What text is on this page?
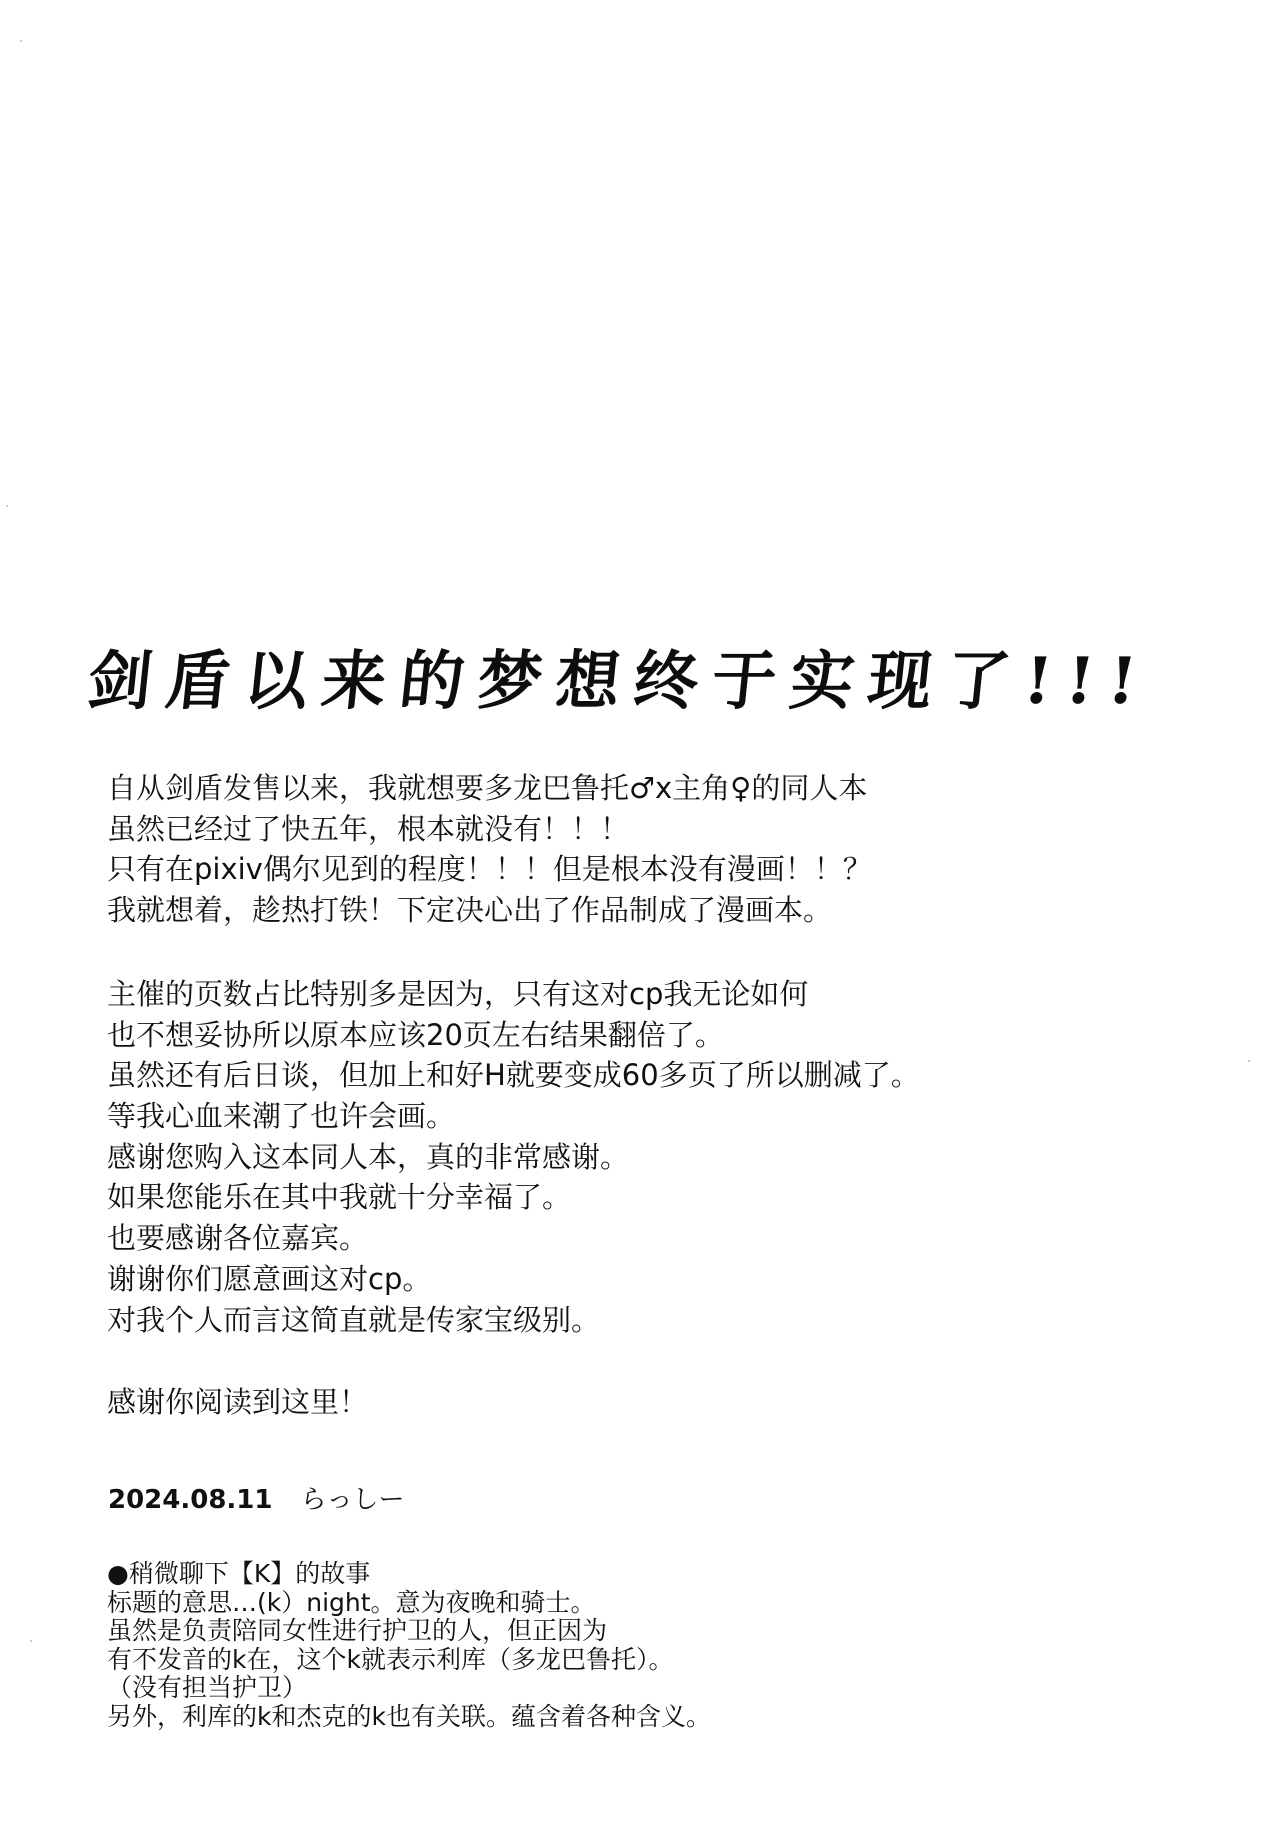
剑盾以来的梦想终于实现了!!!
自从剑盾发售以来，我就想要多龙巴鲁托♂x主角♀的同人本
虽然已经过了快五年，根本就没有！！！
只有在pixiv偶尔见到的程度！！！但是根本没有漫画！！？
我就想着，趁热打铁！下定决心出了作品制成了漫画本。
主催的页数占比特别多是因为，只有这对cp我无论如何
也不想妥协所以原本应该20页左右结果翻倍了。
虽然还有后日谈，但加上和好H就要变成60多页了所以删减了。
等我心血来潮了也许会画。
感谢您购入这本同人本，真的非常感谢。
如果您能乐在其中我就十分幸福了。
也要感谢各位嘉宾。
谢谢你们愿意画这对cp。
对我个人而言这简直就是传家宝级别。
感谢你阅读到这里！
2024.08.11 らっしー
●稍微聊下【K】的故事
标题的意思…(k）night。意为夜晚和骑士。
虽然是负责陪同女性进行护卫的人，但正因为
有不发音的k在，这个k就表示利库（多龙巴鲁托）。
（没有担当护卫）
另外，利库的k和杰克的k也有关联。蕴含着各种含义。
